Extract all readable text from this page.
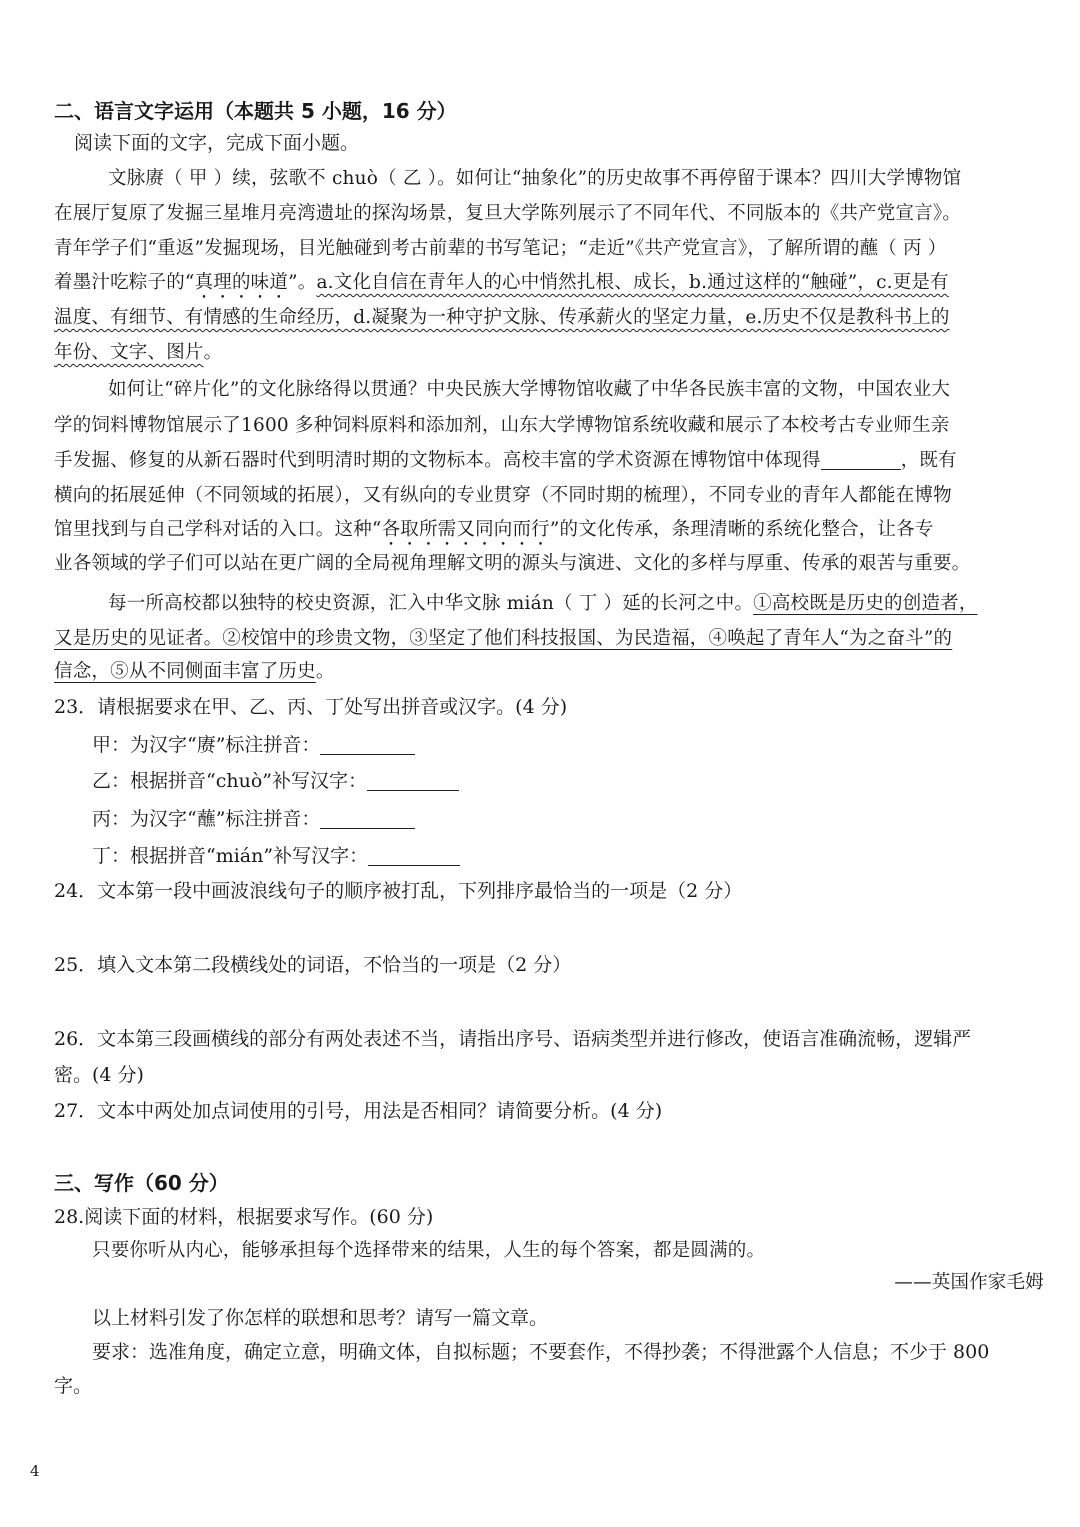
二、语言文字运用（本题共 5 小题，16 分）
阅读下面的文字，完成下面小题。
文脉赓（ 甲 ）续，弦歌不 chuò（ 乙 ）。如何让“抽象化”的历史故事不再停留于课本？四川大学博物馆
在展厅复原了发掘三星堆月亮湾遗址的探沟场景，复旦大学陈列展示了不同年代、不同版本的《共产党宣言》。
青年学子们“重返”发掘现场，目光触碰到考古前辈的书写笔记；“走近”《共产党宣言》，了解所谓的蘸（ 丙 ）
着墨汁吃粽子的“真理的味道”。a.文化自信在青年人的心中悄然扎根、成长，b.通过这样的“触碰”，c.更是有
温度、有细节、有情感的生命经历，d.凝聚为一种守护文脉、传承薪火的坚定力量，e.历史不仅是教科书上的
年份、文字、图片。
如何让“碎片化”的文化脉络得以贯通？中央民族大学博物馆收藏了中华各民族丰富的文物，中国农业大
学的饲料博物馆展示了1600 多种饲料原料和添加剂，山东大学博物馆系统收藏和展示了本校考古专业师生亲
手发掘、修复的从新石器时代到明清时期的文物标本。高校丰富的学术资源在博物馆中体现得	，既有
横向的拓展延伸（不同领域的拓展），又有纵向的专业贯穿（不同时期的梳理），不同专业的青年人都能在博物
馆里找到与自己学科对话的入口。这种“各取所需又同向而行”的文化传承，条理清晰的系统化整合，让各专
业各领域的学子们可以站在更广阔的全局视角理解文明的源头与演进、文化的多样与厚重、传承的艰苦与重要。
每一所高校都以独特的校史资源，汇入中华文脉 mián（ 丁 ）延的长河之中。①高校既是历史的创造者，
又是历史的见证者。②校馆中的珍贵文物，③坚定了他们科技报国、为民造福，④唤起了青年人“为之奋斗”的
信念，⑤从不同侧面丰富了历史。
23．请根据要求在甲、乙、丙、丁处写出拼音或汉字。(4 分)
甲：为汉字“赓”标注拼音：
乙：根据拼音“chuò”补写汉字：
丙：为汉字“蘸”标注拼音：
丁：根据拼音“mián”补写汉字：
24．文本第一段中画波浪线句子的顺序被打乱，下列排序最恰当的一项是（2 分）
25．填入文本第二段横线处的词语，不恰当的一项是（2 分）
26．文本第三段画横线的部分有两处表述不当，请指出序号、语病类型并进行修改，使语言准确流畅，逻辑严
密。(4 分)
27．文本中两处加点词使用的引号，用法是否相同？请简要分析。(4 分)
三、写作（60 分）
28.阅读下面的材料，根据要求写作。(60 分)
只要你听从内心，能够承担每个选择带来的结果，人生的每个答案，都是圆满的。
——英国作家毛姆
以上材料引发了你怎样的联想和思考？请写一篇文章。
要求：选准角度，确定立意，明确文体，自拟标题；不要套作，不得抄袭；不得泄露个人信息；不少于 800
字。
4
